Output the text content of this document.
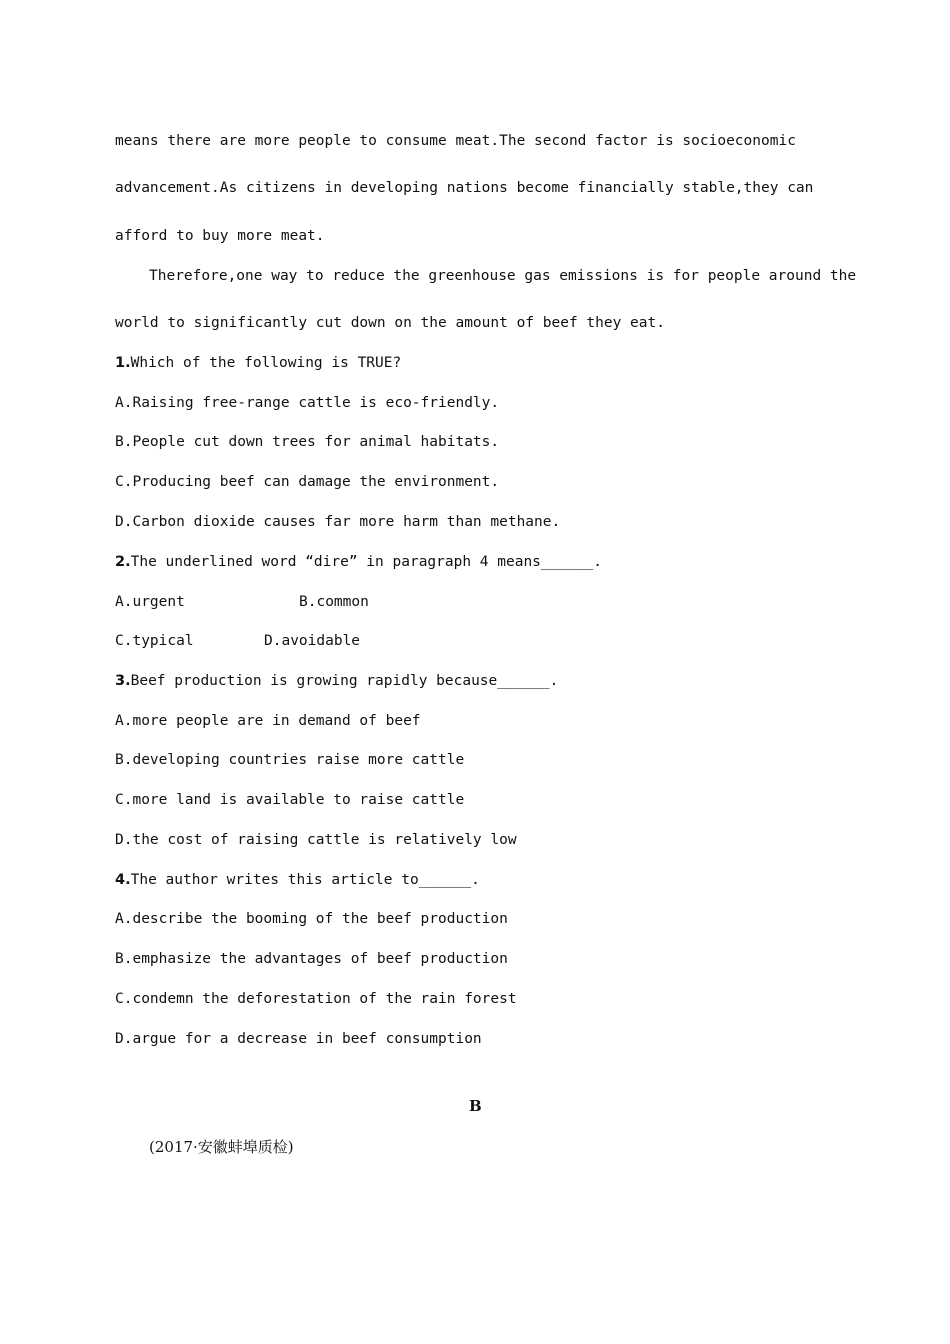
means there are more people to consume meat.The second factor is socioeconomic
advancement.As citizens in developing nations become financially stable,they can
afford to buy more meat.
Therefore,one way to reduce the greenhouse gas emissions is for people around the
world to significantly cut down on the amount of beef they eat.
1.Which of the following is TRUE?
A.Raising free-range cattle is eco-friendly.
B.People cut down trees for animal habitats.
C.Producing beef can damage the environment.
D.Carbon dioxide causes far more harm than methane.
2.The underlined word “dire” in paragraph 4 means______.
A.urgent	B.common
C.typical	D.avoidable
3.Beef production is growing rapidly because______.
A.more people are in demand of beef
B.developing countries raise more cattle
C.more land is available to raise cattle
D.the cost of raising cattle is relatively low
4.The author writes this article to______.
A.describe the booming of the beef production
B.emphasize the advantages of beef production
C.condemn the deforestation of the rain forest
D.argue for a decrease in beef consumption
B
(2017·安徽蚌埠质检)
